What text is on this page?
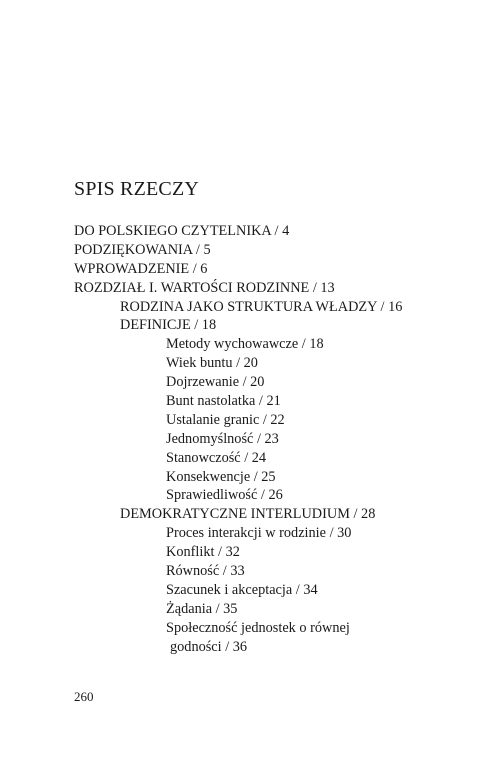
SPIS RZECZY
DO POLSKIEGO CZYTELNIKA / 4
PODZIĘKOWANIA / 5
WPROWADZENIE / 6
ROZDZIAŁ I. WARTOŚCI RODZINNE / 13
RODZINA JAKO STRUKTURA WŁADZY / 16
DEFINICJE / 18
Metody wychowawcze / 18
Wiek buntu / 20
Dojrzewanie / 20
Bunt nastolatka / 21
Ustalanie granic / 22
Jednomyślność / 23
Stanowczość / 24
Konsekwencje / 25
Sprawiedliwość / 26
DEMOKRATYCZNE INTERLUDIUM / 28
Proces interakcji w rodzinie / 30
Konflikt / 32
Równość / 33
Szacunek i akceptacja / 34
Żądania / 35
Społeczność jednostek o równej
godności / 36
260
